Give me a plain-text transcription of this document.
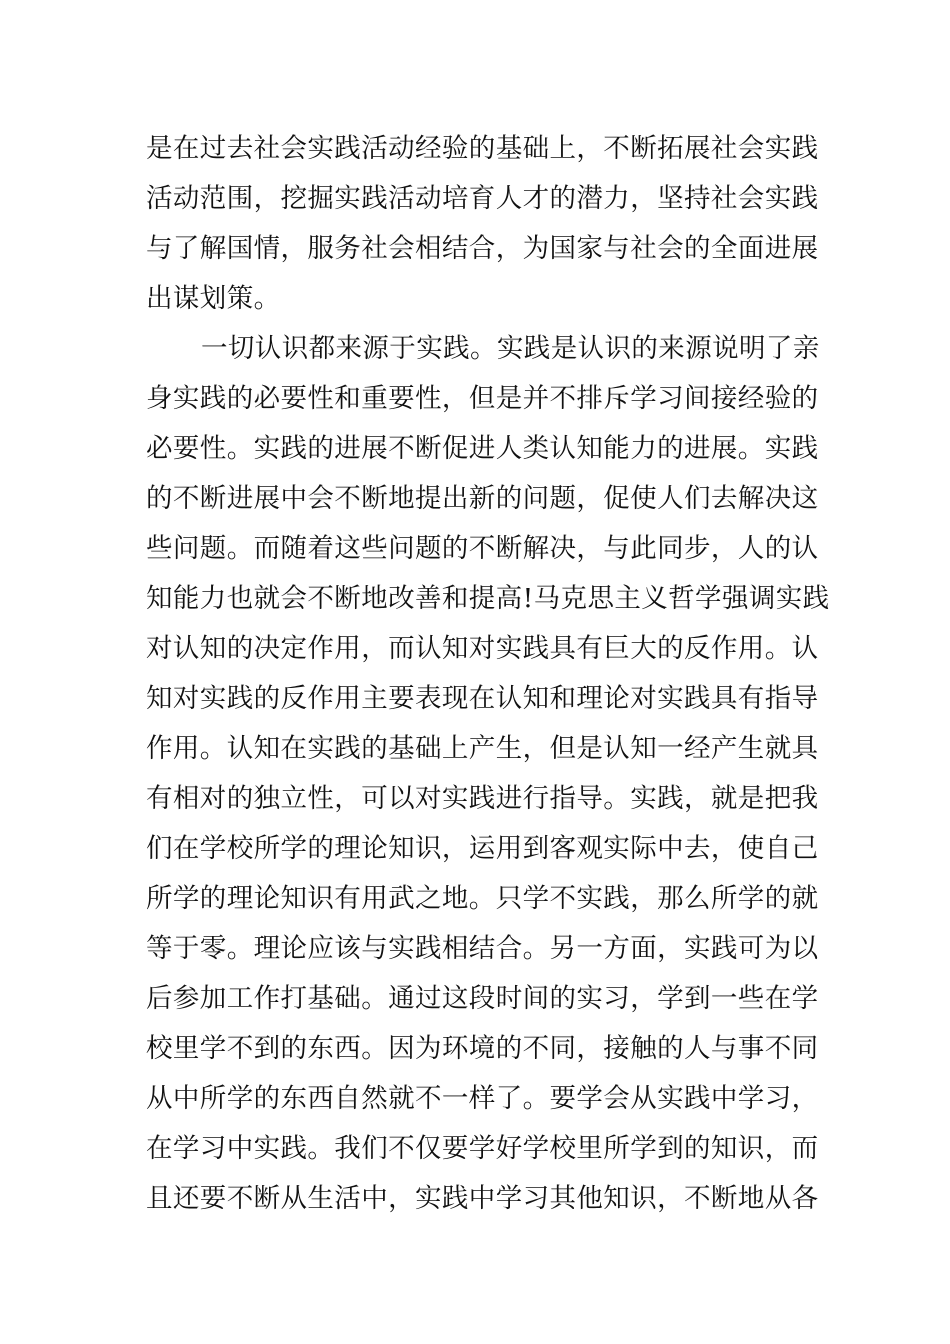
是在过去社会实践活动经验的基础上，不断拓展社会实践
活动范围，挖掘实践活动培育人才的潜力，坚持社会实践
与了解国情，服务社会相结合，为国家与社会的全面进展
出谋划策。
一切认识都来源于实践。实践是认识的来源说明了亲
身实践的必要性和重要性，但是并不排斥学习间接经验的
必要性。实践的进展不断促进人类认知能力的进展。实践
的不断进展中会不断地提出新的问题，促使人们去解决这
些问题。而随着这些问题的不断解决，与此同步，人的认
知能力也就会不断地改善和提高!马克思主义哲学强调实践
对认知的决定作用，而认知对实践具有巨大的反作用。认
知对实践的反作用主要表现在认知和理论对实践具有指导
作用。认知在实践的基础上产生，但是认知一经产生就具
有相对的独立性，可以对实践进行指导。实践，就是把我
们在学校所学的理论知识，运用到客观实际中去，使自己
所学的理论知识有用武之地。只学不实践，那么所学的就
等于零。理论应该与实践相结合。另一方面，实践可为以
后参加工作打基础。通过这段时间的实习，学到一些在学
校里学不到的东西。因为环境的不同，接触的人与事不同
从中所学的东西自然就不一样了。要学会从实践中学习，
在学习中实践。我们不仅要学好学校里所学到的知识，而
且还要不断从生活中，实践中学习其他知识，不断地从各
